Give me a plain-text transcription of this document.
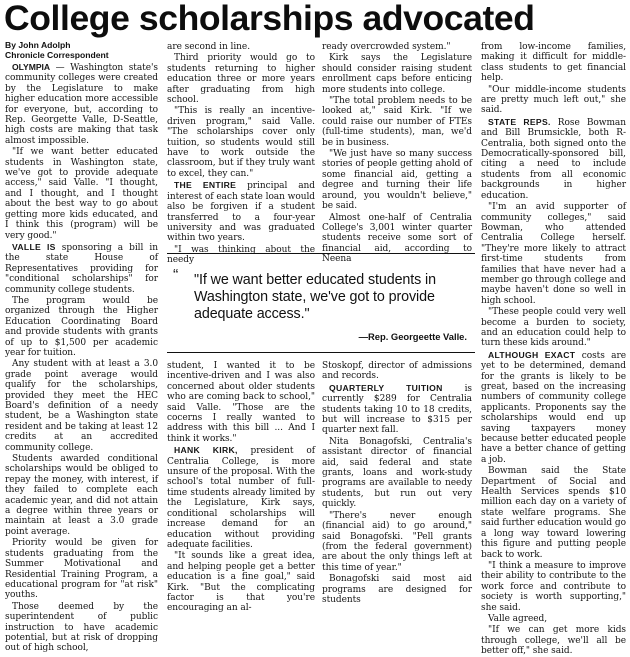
College scholarships advocated
By John Adolph
Chronicle Correspondent

OLYMPIA — Washington state's community colleges were created by the Legislature to make higher education more accessible for everyone, but, according to Rep. Georgette Valle, D-Seattle, high costs are making that task almost impossible.

"If we want better educated students in Washington state, we've got to provide adequate access," said Valle. "I thought, and I thought, and I thought about the best way to go about getting more kids educated, and I think this (program) will be very good."

VALLE IS sponsoring a bill in the state House of Representatives providing for "conditional scholarships" for community college students.

The program would be organized through the Higher Education Coordinating Board and provide students with grants of up to $1,500 per academic year for tuition.

Any student with at least a 3.0 grade point average would qualify for the scholarships, provided they meet the HEC Board's definition of a needy student, be a Washington state resident and be taking at least 12 credits at an accredited community college.

Students awarded conditional scholarships would be obliged to repay the money, with interest, if they failed to complete each academic year, and did not attain a degree within three years or maintain at least a 3.0 grade point average.

Priority would be given for students graduating from the Summer Motivational and Residential Training Program, a educational program for "at risk" youths.

Those deemed by the superintendent of public instruction to have academic potential, but at risk of dropping out of high school,

are second in line.

Third priority would go to students returning to higher education three or more years after graduating from high school.

"This is really an incentive-driven program," said Valle. "The scholarships cover only tuition, so students would still have to work outside the classroom, but if they truly want to excel, they can."

THE ENTIRE principal and interest of each state loan would also be forgiven if a student transferred to a four-year university and was graduated within two years.

"I was thinking about the needy

ready overcrowded system."

Kirk says the Legislature should consider raising student enrollment caps before enticing more students into college.

"The total problem needs to be looked at," said Kirk. "If we could raise our number of FTEs (full-time students), man, we'd be in business.

"We just have so many success stories of people getting ahold of some financial aid, getting a degree and turning their life around, you wouldn't believe," be said.

Almost one-half of Centralia College's 3,001 winter quarter students receive some sort of financial aid, according to Neena

“ "If we want better educated students in Washington state, we've got to provide adequate access."

—Rep. Georgeette Valle.

student, I wanted it to be incentive-driven and I was also concerned about older students who are coming back to school," said Valle. "Those are the cocerns I really wanted to address with this bill ... And I think it works."

HANK KIRK, president of Centralia College, is more unsure of the proposal. With the school's total number of full-time students already limited by the Legislature, Kirk says, conditional scholarships will increase demand for an education without providing adequate facilities.

"It sounds like a great idea, and helping people get a better education is a fine goal," said Kirk. "But the complicating factor is that you're encouraging an al-

Stoskopf, director of admissions and records.

QUARTERLY TUITION is currently $289 for Centralia students taking 10 to 18 credits, but will increase to $315 per quarter next fall.

Nita Bonagofski, Centralia's assistant director of financial aid, said federal and state grants, loans and work-study programs are available to needy students, but run out very quickly.

"There's never enough (financial aid) to go around," said Bonagofski. "Pell grants (from the federal government) are about the only things left at this time of year."

Bonagofski said most aid programs are designed for students

from low-income families, making it difficult for middle-class students to get financial help.

"Our middle-income students are pretty much left out," she said.

STATE REPS. Rose Bowman and Bill Brumsickle, both R-Centralia, both signed onto the Democratically-sponsored bill, citing a need to include students from all economic backgrounds in higher education.

"I'm an avid supporter of community colleges," said Bowman, who attended Centralia College herself. "They're more likely to attract first-time students from families that have never had a member go through college and maybe haven't done so well in high school.

"These people could very well become a burden to society, and an education could help to turn these kids around."

ALTHOUGH EXACT costs are yet to be determined, demand for the grants is likely to be great, based on the increasing numbers of community college applicants. Proponents say the scholarships would end up saving taxpayers money because better educated people have a better chance of getting a job.

Bowman said the State Department of Social and Health Services spends $10 million each day on a variety of state welfare programs. She said further education would go a long way toward lowering this figure and putting people back to work.

"I think a measure to improve their ability to contribute to the work force and contribute to society is worth supporting," she said.

Valle agreed,

"If we can get more kids through college, we'll all be better off," she said.
